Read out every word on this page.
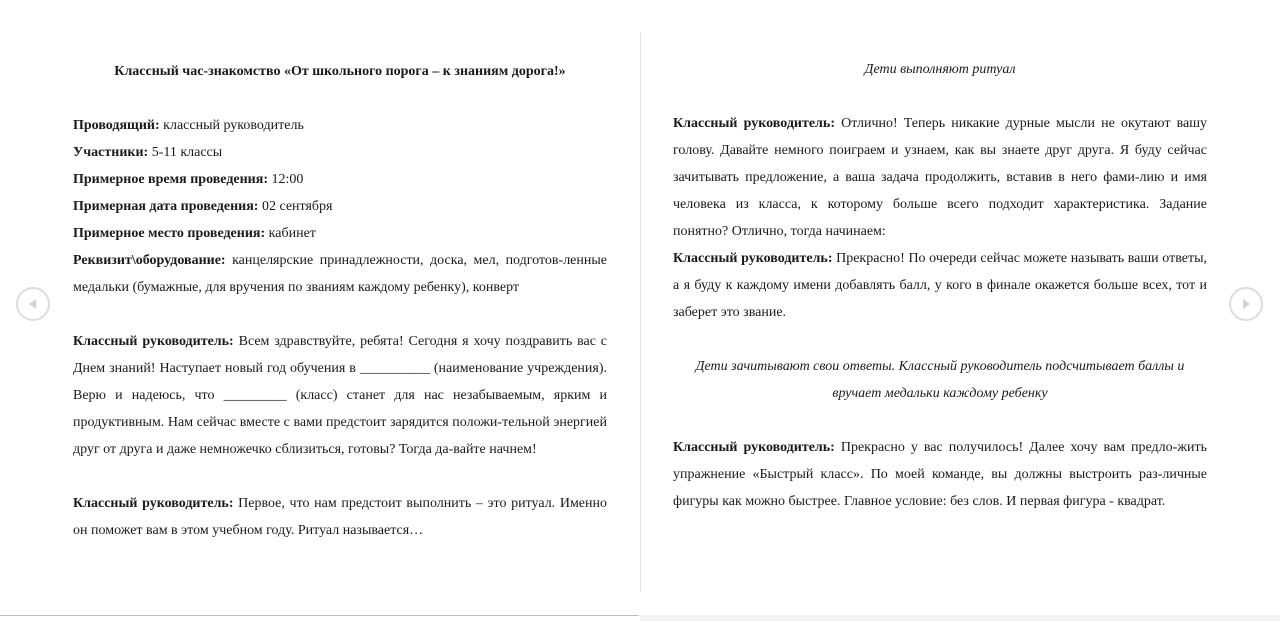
Классный час-знакомство «От школьного порога – к знаниям дорога!»
Проводящий: классный руководитель
Участники: 5-11 классы
Примерное время проведения: 12:00
Примерная дата проведения: 02 сентября
Примерное место проведения: кабинет

Реквизит\оборудование: канцелярские принадлежности, доска, мел, подготов-ленные медальки (бумажные, для вручения по званиям каждому ребенку), конверт

Классный руководитель: Всем здравствуйте, ребята! Сегодня я хочу поздравить вас с Днем знаний! Наступает новый год обучения в __________ (наименование учреждения). Верю и надеюсь, что _________ (класс) станет для нас незабываемым, ярким и продуктивным. Нам сейчас вместе с вами предстоит зарядится положи-тельной энергией друг от друга и даже немножечко сблизиться, готовы? Тогда да-вайте начнем!

Классный руководитель: Первое, что нам предстоит выполнить – это ритуал. Именно он поможет вам в этом учебном году. Ритуал называется…

Дети выполняют ритуал

Классный руководитель: Отлично! Теперь никакие дурные мысли не окутают вашу голову. Давайте немного поиграем и узнаем, как вы знаете друг друга. Я буду сейчас зачитывать предложение, а ваша задача продолжить, вставив в него фами-лию и имя человека из класса, к которому больше всего подходит характеристика. Задание понятно? Отлично, тогда начинаем:

Классный руководитель: Прекрасно! По очереди сейчас можете называть ваши ответы, а я буду к каждому имени добавлять балл, у кого в финале окажется больше всех, тот и заберет это звание.

Дети зачитывают свои ответы. Классный руководитель подсчитывает баллы и вручает медальки каждому ребенку

Классный руководитель: Прекрасно у вас получилось! Далее хочу вам предло-жить упражнение «Быстрый класс». По моей команде, вы должны выстроить раз-личные фигуры как можно быстрее. Главное условие: без слов. И первая фигура - квадрат.
